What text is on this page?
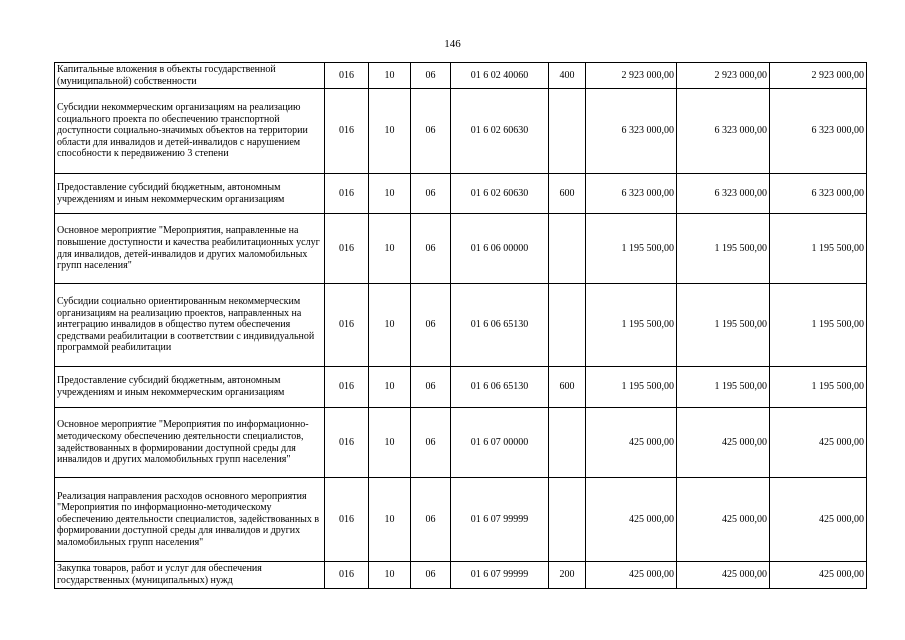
146
Капитальные вложения в объекты государственной (муниципальной) собственности	016	10	06	01 6 02 40060	400	2 923 000,00	2 923 000,00	2 923 000,00
Субсидии некоммерческим организациям на реализацию социального проекта по обеспечению транспортной доступности социально-значимых объектов на территории области для инвалидов и детей-инвалидов с нарушением способности к передвижению 3 степени	016	10	06	01 6 02 60630		6 323 000,00	6 323 000,00	6 323 000,00
Предоставление субсидий бюджетным, автономным учреждениям и иным некоммерческим организациям	016	10	06	01 6 02 60630	600	6 323 000,00	6 323 000,00	6 323 000,00
Основное мероприятие "Мероприятия, направленные на повышение доступности и качества реабилитационных услуг для инвалидов, детей-инвалидов и других маломобильных групп населения"	016	10	06	01 6 06 00000		1 195 500,00	1 195 500,00	1 195 500,00
Субсидии социально ориентированным некоммерческим организациям на реализацию проектов, направленных на интеграцию инвалидов в общество путем обеспечения средствами реабилитации в соответствии с индивидуальной программой реабилитации	016	10	06	01 6 06 65130		1 195 500,00	1 195 500,00	1 195 500,00
Предоставление субсидий бюджетным, автономным учреждениям и иным некоммерческим организациям	016	10	06	01 6 06 65130	600	1 195 500,00	1 195 500,00	1 195 500,00
Основное мероприятие "Мероприятия по информационно-методическому обеспечению деятельности специалистов, задействованных в формировании доступной среды для инвалидов и других маломобильных групп населения"	016	10	06	01 6 07 00000		425 000,00	425 000,00	425 000,00
Реализация направления расходов основного мероприятия "Мероприятия по информационно-методическому обеспечению деятельности специалистов, задействованных в формировании доступной среды для инвалидов и других маломобильных групп населения"	016	10	06	01 6 07 99999		425 000,00	425 000,00	425 000,00
Закупка товаров, работ и услуг для обеспечения государственных (муниципальных) нужд	016	10	06	01 6 07 99999	200	425 000,00	425 000,00	425 000,00
